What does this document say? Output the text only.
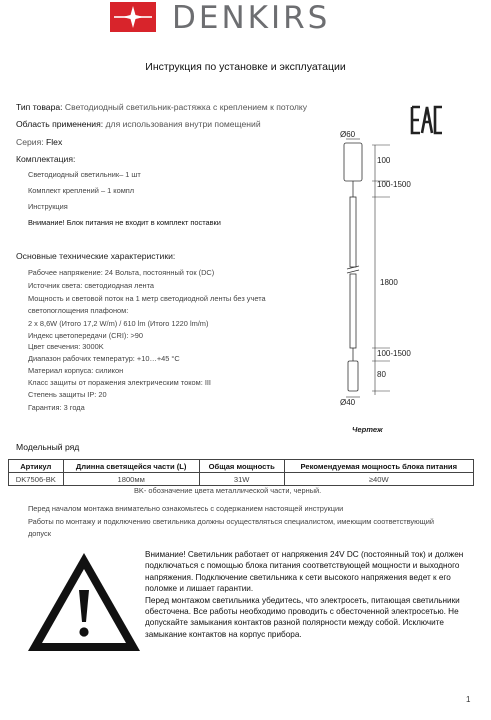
DENKIRS
Инструкция по установке и эксплуатации
Тип товара: Светодиодный светильник-растяжка с креплением к потолку
Область применения: для использования внутри помещений
Серия: Flex
Комплектация:
Светодиодный светильник– 1 шт
Комплект креплений – 1 компл
Инструкция
Внимание! Блок питания не входит в комплект поставки
Основные технические характеристики:
Рабочее напряжение: 24 Вольта, постоянный ток (DC)
Источник света: светодиодная лента
Мощность и световой поток на 1 метр светодиодной ленты без учета
светопоглощения плафоном:
2 х 8,6W (Итого 17,2 W/m) / 610 lm (Итого 1220 lm/m)
Индекс цветопередачи (CRI): >90
Цвет свечения: 3000K
Диапазон рабочих температур: +10…+45 °С
Материал корпуса: силикон
Класс защиты от поражения электрическим током: III
Степень защиты IP: 20
Гарантия: 3 года
Ø60
100
100-1500
1800
100-1500
80
Ø40
Чертеж
Модельный ряд
Артикул	Длинна светящейся части (L)	Общая мощность	Рекомендуемая мощность блока питания
DK7506-BK	1800мм	31W	≥40W
BK- обозначение цвета металлической части, черный.
Перед началом монтажа внимательно ознакомьтесь с содержанием настоящей инструкции
Работы по монтажу и подключению светильника должны осуществляться специалистом, имеющим соответствующий
допуск
Внимание! Светильник работает от напряжения 24V DC (постоянный ток) и должен подключаться с помощью блока питания соответствующей мощности и выходного напряжения. Подключение светильника к сети высокого напряжения ведет к его поломке и лишает гарантии.
Перед монтажом светильника убедитесь, что электросеть, питающая светильники обесточена. Все работы необходимо проводить с обесточенной электросетью. Не допускайте замыкания контактов разной полярности между собой. Исключите замыкание контактов на корпус прибора.
1
